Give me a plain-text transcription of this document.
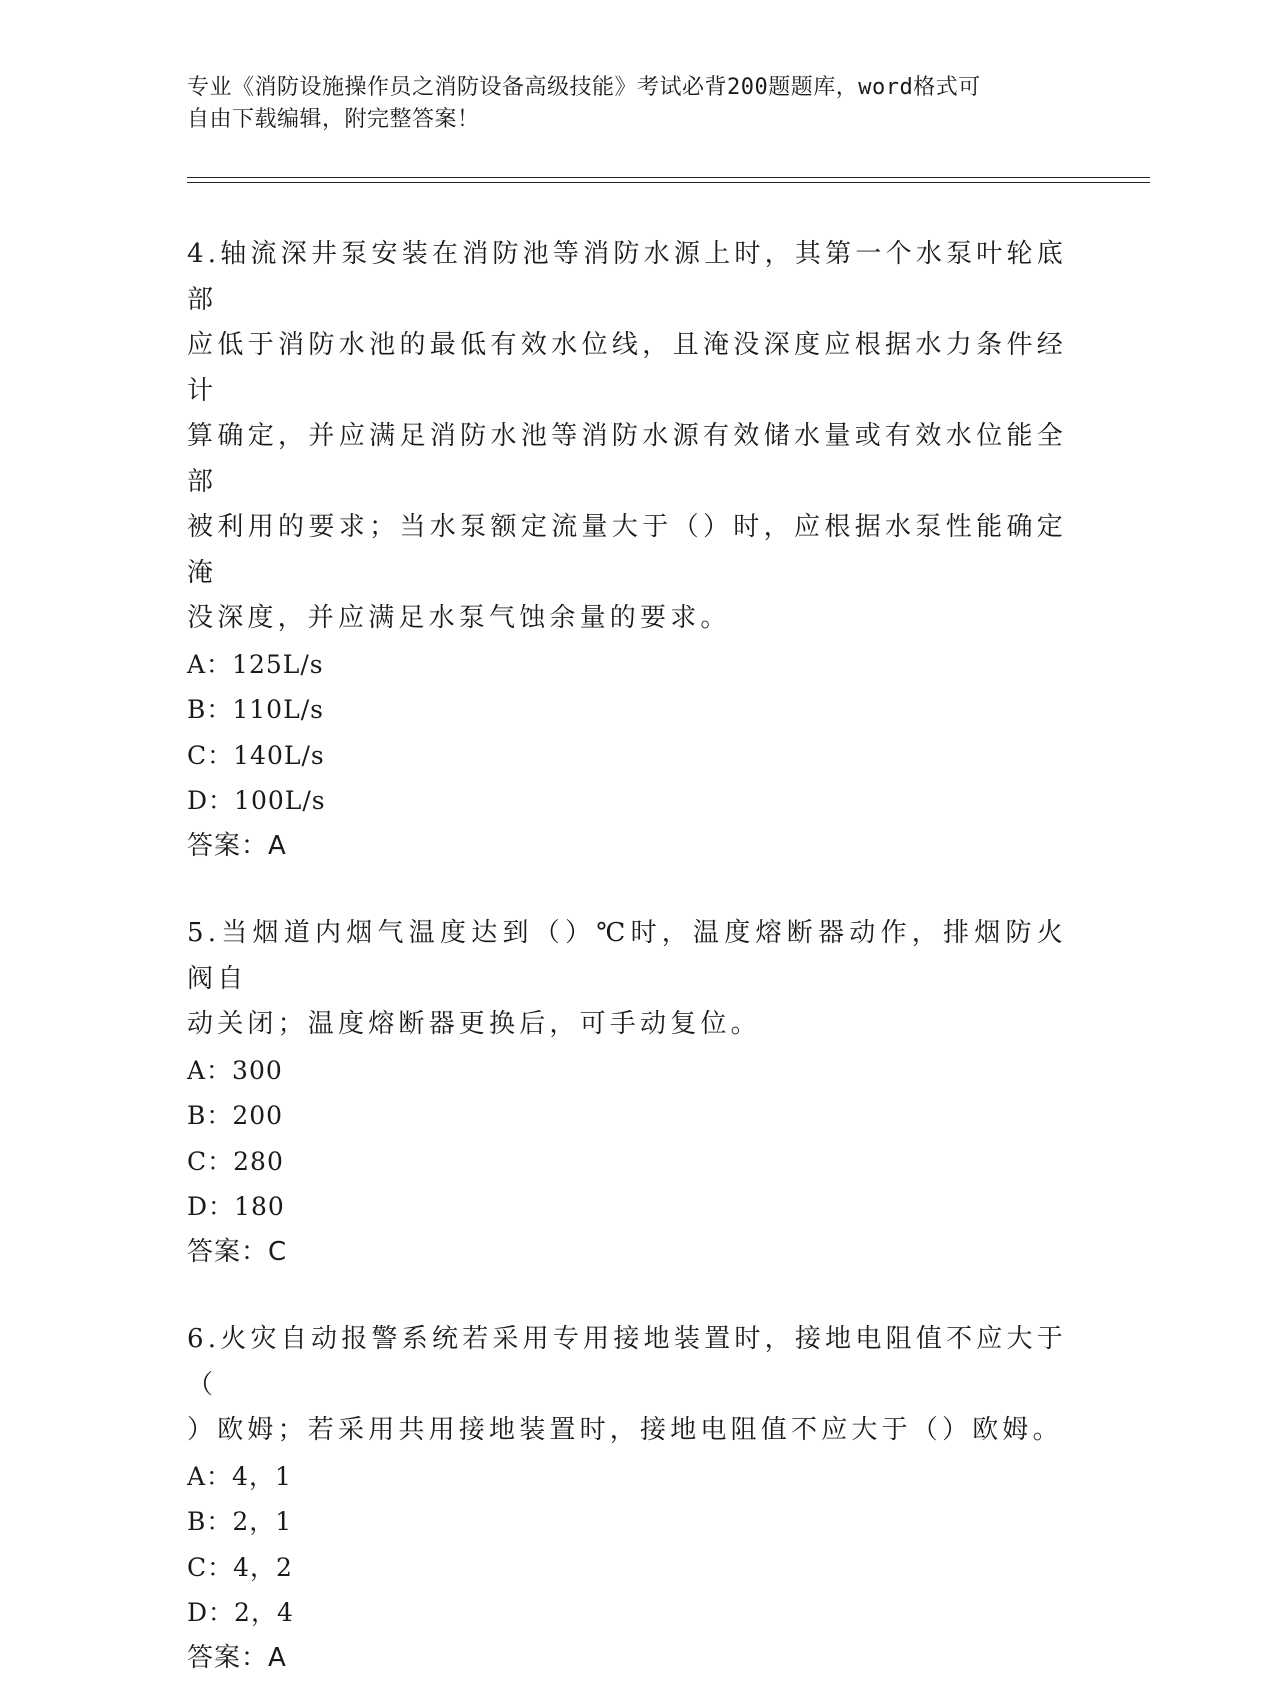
专业《消防设施操作员之消防设备高级技能》考试必背200题题库，word格式可
自由下载编辑，附完整答案！

4.轴流深井泵安装在消防池等消防水源上时，其第一个水泵叶轮底部

应低于消防水池的最低有效水位线，且淹没深度应根据水力条件经计

算确定，并应满足消防水池等消防水源有效储水量或有效水位能全部

被利用的要求；当水泵额定流量大于（）时，应根据水泵性能确定淹

没深度，并应满足水泵气蚀余量的要求。

A：125L/s

B：110L/s

C：140L/s

D：100L/s

答案：A

5.当烟道内烟气温度达到（）℃时，温度熔断器动作，排烟防火阀自

动关闭；温度熔断器更换后，可手动复位。

A：300

B：200

C：280

D：180

答案：C

6.火灾自动报警系统若采用专用接地装置时，接地电阻值不应大于（

）欧姆；若采用共用接地装置时，接地电阻值不应大于（）欧姆。

A：4，1

B：2，1

C：4，2

D：2，4

答案：A
